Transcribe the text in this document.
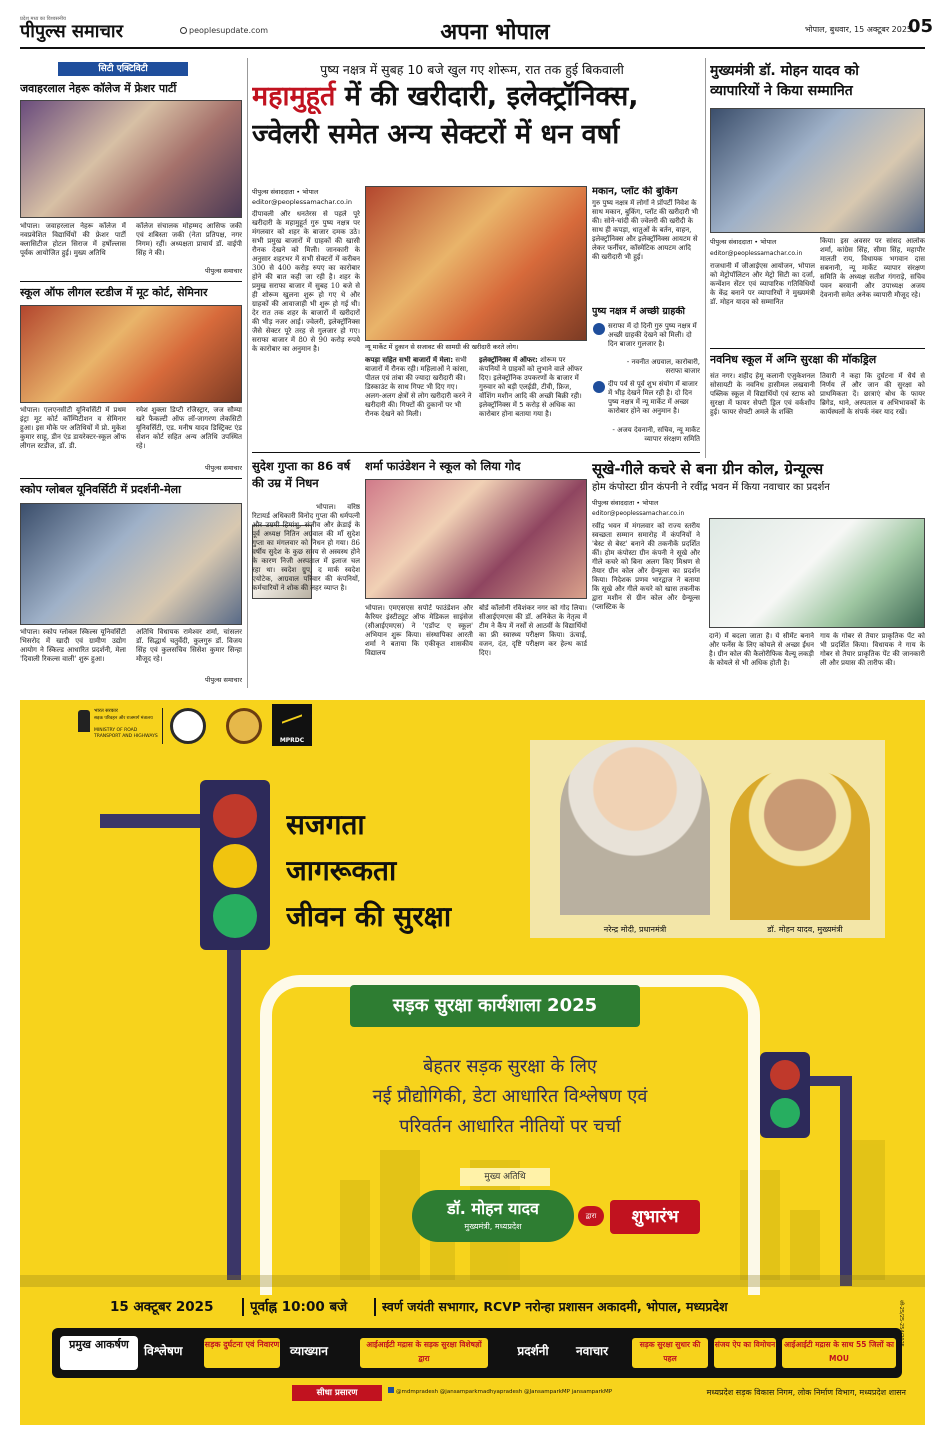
प्रदेश मध्य का विश्वसनीय
पीपुल्स समाचार	peoplesupdate.com	अपना भोपाल	भोपाल, बुधवार, 15 अक्टूबर 2025
05
सिटी एक्टिविटी
जवाहरलाल नेहरू कॉलेज में फ्रेशर पार्टी
भोपाल। जवाहरलाल नेहरू कॉलेज में नवप्रवेशित विद्यार्थियों की फ्रेशर पार्टी क्लासिटीज होटल सिराज में हर्षोल्लास पूर्वक आयोजित हुई। मुख्य अतिथि
कॉलेज संचालक मोहम्मद आसिफ जकी एवं शबिस्ता जकी (नेता प्रतिपक्ष, नगर निगम) रहीं। अध्यक्षता प्राचार्य डॉ. वाईपी सिंह ने की।
पीपुल्स समाचार
स्कूल ऑफ लीगल स्टडीज में मूट कोर्ट, सेमिनार
भोपाल। एलएनसीटी यूनिवर्सिटी में प्रथम इंट्रा मूट कोर्ट कॉम्पिटीशन व सेमिनार हुआ। इस मौके पर अतिथियों में प्रो. मुकेश कुमार साहू, डीन एंड डायरेक्टर-स्कूल ऑफ लीगल स्टडीज, डॉ. डी.
रमेश शुक्ला डिप्टी रजिस्ट्रार, जज सौम्या खरे फैकल्टी ऑफ लॉ-जागरण लेकसिटी यूनिवर्सिटी, एड. मनीष यादव डिस्ट्रिक्ट एंड सेशन कोर्ट सहित अन्य अतिथि उपस्थित रहे।
पीपुल्स समाचार
स्कोप ग्लोबल यूनिवर्सिटी में प्रदर्शनी-मेला
भोपाल। स्कोप ग्लोबल स्किल्स यूनिवर्सिटी भिसरोद में खादी एवं ग्रामीण उद्योग आयोग ने स्किल्ड आधारित प्रदर्शनी, मेला 'दिवाली रिकल्स वाली' शुरू हुआ।
अतिथि विधायक रामेश्वर शर्मा, चांसलर डॉ. सिद्धार्थ चतुर्वेदी, कुलगुरु डॉ. विजय सिंह एवं कुलसचिव सिसेश कुमार सिन्हा मौजूद रहे।
पीपुल्स समाचार
पुष्य नक्षत्र में सुबह 10 बजे खुल गए शोरूम, रात तक हुई बिकवाली
महामुहूर्त में की खरीदारी, इलेक्ट्रॉनिक्स,
ज्वेलरी समेत अन्य सेक्टरों में धन वर्षा
पीपुल्स संवाददाता • भोपाल
editor@peoplessamachar.co.in
दीपावली और धनतेरस से पहले पूरे खरीदारी के महामुहूर्त गुरु पुष्य नक्षत्र पर मंगलवार को शहर के बाजार दमक उठे। सभी प्रमुख बाजारों में ग्राहकों की खासी रौनक देखने को मिली। जानकारी के अनुसार शहरभर में सभी सेक्टरों में करीबन 300 से 400 करोड़ रुपए का कारोबार होने की बात कही जा रही है। शहर के प्रमुख सराफा बाजार में सुबह 10 बजे से ही शोरूम खुलना शुरू हो गए थे और ग्राहकों की आवाजाही भी शुरू हो गई थी। देर रात तक शहर के बाजारों में खरीदारों की भीड़ नजर आई। ज्वेलरी, इलेक्ट्रॉनिक्स जैसे सेक्टर पूरे तरह से गुलजार हो गए। सराफा बाजार में 80 से 90 करोड़ रुपये के कारोबार का अनुमान है।	न्यू मार्केट में दुकान से सजावट की सामग्री की खरीदारी करते लोग।
कपड़ा सहित सभी बाजारों में मेला: सभी बाजारों में रौनक रही। महिलाओं ने कांसा, पीतल एवं तांबा की ज्यादा खरीदारी की। डिस्काउंट के साथ गिफ्ट भी दिए गए। अलग-अलग क्षेत्रों से लोग खरीदारी करने ने खरीदारी की। गिफ्टों की दुकानों पर भी रौनक देखने को मिली।
इलेक्ट्रॉनिक्स में ऑफर: शोरूम पर कंपनियों ने ग्राहकों को लुभाने वाले ऑफर दिए। इलेक्ट्रॉनिक उपकरणों के बाजार में गुरुवार को बड़ी एलईडी, टीवी, फ्रिज, वॉशिंग मशीन आदि की अच्छी बिक्री रही। इलेक्ट्रॉनिक्स में 5 करोड़ से अधिक का कारोबार होना बताया गया है।
मकान, प्लॉट की बुकिंग
गुरु पुष्य नक्षत्र में लोगों ने प्रॉपर्टी निवेश के साथ मकान, बुकिंग, प्लॉट की खरीदारी भी की। सोने-चांदी की ज्वेलरी की खरीदी के साथ ही कपड़ा, धातुओं के बर्तन, वाहन, इलेक्ट्रॉनिक्स और इलेक्ट्रॉनिक्स आयटम से लेकर फर्नीचर, कॉस्मेटिक आयटम आदि की खरीदारी भी हुई।
पुष्य नक्षत्र में अच्छी ग्राहकी
सराफा में दो दिनी गुरु पुष्य नक्षत्र में अच्छी ग्राहकी देखने को मिली। दो दिन बाजार गुलजार है।
- नवनीत अग्रवाल, कारोबारी, सराफा बाजार
दीप पर्व से पूर्व शुभ संयोग में बाजार में भीड़ देखने मिल रही है। दो दिन पुष्य नक्षत्र में न्यू मार्केट में अच्छा कारोबार होने का अनुमान है।
- अजय देवनानी, सचिव, न्यू मार्केट व्यापार संरक्षण समिति
सुदेश गुप्ता का 86 वर्ष की उम्र में निधन
भोपाल। वरिष्ठ रिटायर्ड अधिकारी विनोद गुप्ता की धर्मपत्नी और उम्रमी हिमांशु, संजीव और क्रेडाई के पूर्व अध्यक्ष नितिन अग्रवाल की माँ सुदेश गुप्ता का मंगलवार को निधन हो गया। 86 वर्षीय सुदेश के कुछ समय से अस्वस्थ होने के कारण निजी अस्पताल में इलाज चल रहा था। स्वदेश ग्रुप, द मार्क स्वदेश एयोटेक, आग्रवाल परिवार की कंपनियों, कर्मचारियों ने शोक की लहर व्याप्त है।
शर्मा फाउंडेशन ने स्कूल को लिया गोद
भोपाल। एमएसएस सपोर्ट फाउंडेशन और कैरियर इंस्टीट्यूट ऑफ मेडिकल साइंसेज (सीआईएमएस) ने 'एडॉप्ट ए स्कूल' अभियान शुरू किया। संस्थापिका आरती शर्मा ने बताया कि एकीकृत शासकीय विद्यालय
बोर्ड कॉलोनी रविशंकर नगर को गोद लिया। सीआईएमएस की डॉ. अनिकेत के नेतृत्व में टीम ने कैंप में नर्सों से आठवीं के विद्यार्थियों का फ्री स्वास्थ्य परीक्षण किया। ऊंचाई, वजन, दंत, दृष्टि परीक्षण कर हेल्थ कार्ड दिए।
मुख्यमंत्री डॉ. मोहन यादव को
व्यापारियों ने किया सम्मानित
पीपुल्स संवाददाता • भोपाल
editor@peoplessamachar.co.in
राजधानी में जीआईएस आयोजन, भोपाल को मेट्रोपॉलिटन और मेट्रो सिटी का दर्जा, कन्वेंशन सेंटर एवं व्यापारिक गतिविधियों के केंद्र बनाने पर व्यापारियों ने मुख्यमंत्री डॉ. मोहन यादव को सम्मानित
किया। इस अवसर पर सांसद आलोक शर्मा, कांग्रेस सिंह, सीमा सिंह, महापौर मालती राय, विधायक भगवान दास सबनानी, न्यू मार्केट व्यापार संरक्षण समिति के अध्यक्ष सतीश गंगराड़े, सचिव पवन बरवानी और उपाध्यक्ष अजय देवनानी समेत अनेक व्यापारी मौजूद रहे।
नवनिध स्कूल में अग्नि सुरक्षा की मॉकड्रिल
संत नगर। शहीद हेमू कलानी एजुकेशनल सोसायटी के नवनिध हासीमल लखवानी पब्लिक स्कूल में विद्यार्थियों एवं स्टाफ को सुरक्षा में फायर सेफ्टी ड्रिल एवं वर्कशॉप हुई। फायर सेफ्टी अमले के शक्ति
तिवारी ने कहा कि दुर्घटना में धैर्य से निर्णय लें और जान की सुरक्षा को प्राथमिकता दें। छात्राएं बोध के फायर ब्रिगेड, थाने, अस्पताल व अभिभावकों के कार्यस्थलों के संपर्क नंबर याद रखें।
सूखे-गीले कचरे से बना ग्रीन कोल, ग्रेन्यूल्स
होम कंपोस्टा ग्रीन कंपनी ने रवींद्र भवन में किया नवाचार का प्रदर्शन
पीपुल्स संवाददाता • भोपाल
editor@peoplessamachar.co.in
रवींद्र भवन में मंगलवार को राज्य स्तरीय स्वच्छता सम्मान समारोह में कंपनियों ने 'बेस्ट से बेस्ट' बनाने की तकनीकें प्रदर्शित कीं। होम कंपोस्टा ग्रीन कंपनी ने सूखे और गीले कचरे को बिना अलग किए मिश्रण से तैयार ग्रीन कोल और ग्रेन्यूल्स का प्रदर्शन किया। निदेशक प्रणव भारद्वाज ने बताया कि सूखे और गीले कचरे को खास तकनीक द्वारा मशीन से ग्रीन कोल और ग्रेन्यूल्स (प्लास्टिक के
दाने) में बदला जाता है। ये सीमेंट बनाने और फर्नेस के लिए कोयले से अच्छा ईंधन है। ग्रीन कोल की कैलोरीफिक वैल्यू लकड़ी के कोयले से भी अधिक होती है।
गाय के गोबर से तैयार प्राकृतिक पेंट को भी प्रदर्शित किया। विधायक ने गाय के गोबर से तैयार प्राकृतिक पेंट की जानकारी ली और प्रयास की तारीफ की।
भारत सरकार
सड़क परिवहन और राजमार्ग मंत्रालय
MINISTRY OF ROAD TRANSPORT AND HIGHWAYS
MPRDC
सजगता
जागरूकता
जीवन की सुरक्षा	नरेन्द्र मोदी, प्रधानमंत्री	डॉ. मोहन यादव, मुख्यमंत्री
सड़क सुरक्षा कार्यशाला 2025
बेहतर सड़क सुरक्षा के लिए
नई प्रौद्योगिकी, डेटा आधारित विश्लेषण एवं
परिवर्तन आधारित नीतियों पर चर्चा
मुख्य अतिथि
डॉ. मोहन यादव
मुख्यमंत्री, मध्यप्रदेश
द्वारा	शुभारंभ
15 अक्टूबर 2025	पूर्वाह्न 10:00 बजे	स्वर्ण जयंती सभागार, RCVP नरोन्हा प्रशासन अकादमी, भोपाल, मध्यप्रदेश
प्रमुख आकर्षण	विश्लेषण	सड़क दुर्घटना एवं निवारण व्याख्यान	आईआईटी मद्रास के सड़क सुरक्षा विशेषज्ञों द्वारा
प्रदर्शनी	नवाचार	सड़क सुरक्षा सुधार की पहल
संजय ऐप का विमोचन आईआईटी मद्रास के साथ 55 जिलों का MOU
सीधा प्रसारण	@mdmpradesh @jansamparkmadhyapradesh @JansamparkMP jansamparkMP	मध्यप्रदेश सड़क विकास निगम, लोक निर्माण विभाग, मध्यप्रदेश शासन
जी-25/25-254/2025
